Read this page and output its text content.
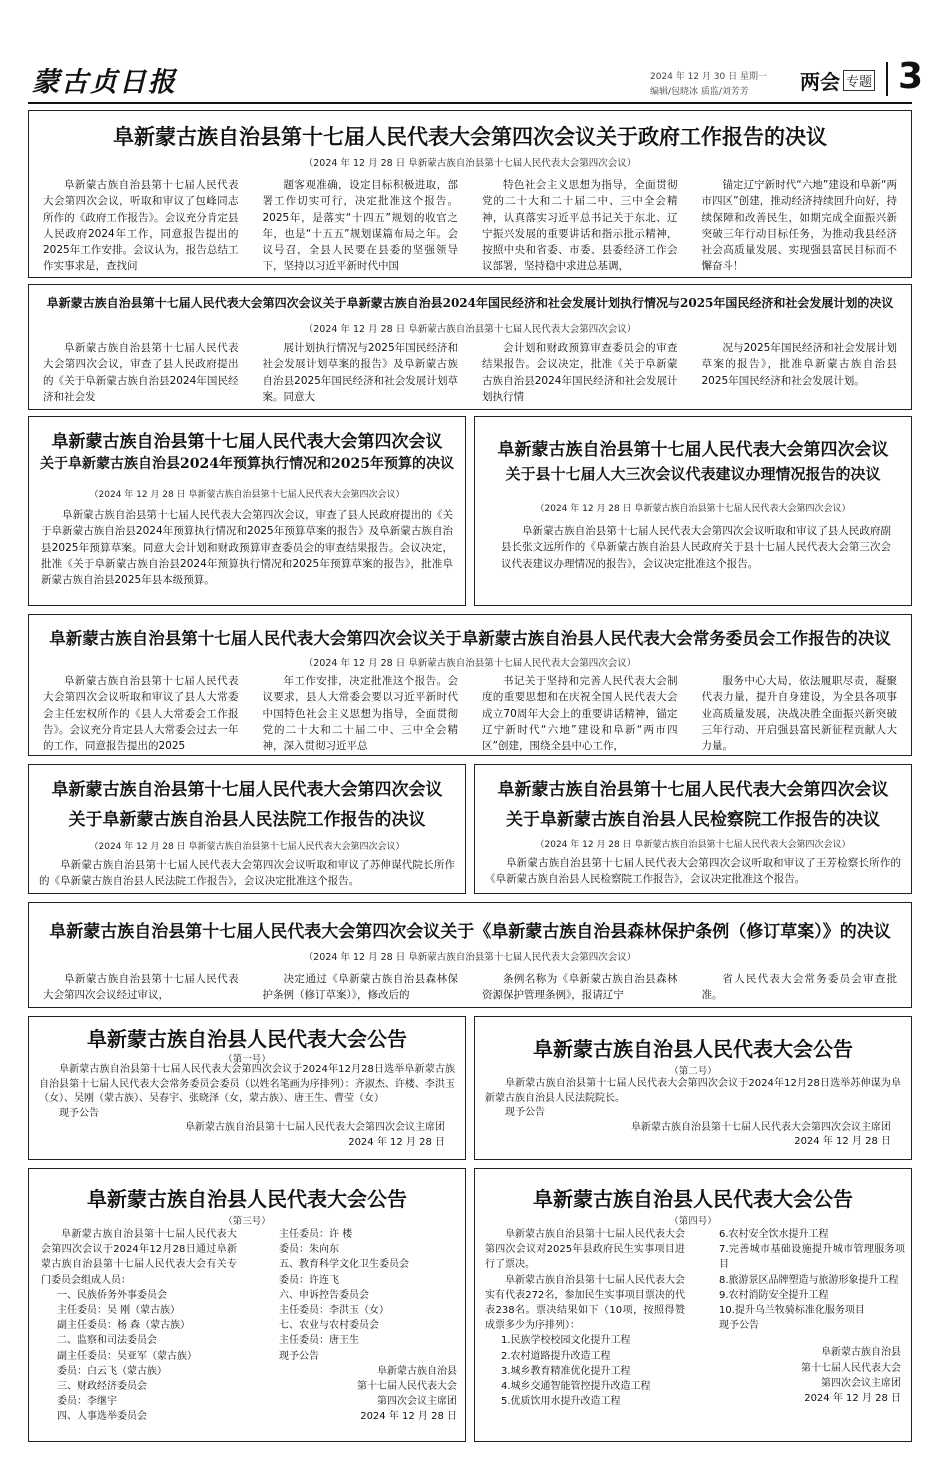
蒙古贞日报	2024 年 12 月 30 日 星期一
编辑/包晓冰 质监/刘芳芳	两会 专题 3
阜新蒙古族自治县第十七届人民代表大会第四次会议关于政府工作报告的决议
（2024 年 12 月 28 日 阜新蒙古族自治县第十七届人民代表大会第四次会议）

阜新蒙古族自治县第十七届人民代表大会第四次会议，听取和审议了包峰同志所作的《政府工作报告》。会议充分肯定县人民政府2024年工作，同意报告提出的2025年工作安排。会议认为，报告总结工作实事求是，查找问

题客观准确，设定目标积极进取，部署工作切实可行，决定批准这个报告。2025年，是落实“十四五”规划的收官之年，也是“十五五”规划谋篇布局之年。会议号召，全县人民要在县委的坚强领导下，坚持以习近平新时代中国

特色社会主义思想为指导，全面贯彻党的二十大和二十届二中、三中全会精神，认真落实习近平总书记关于东北、辽宁振兴发展的重要讲话和指示批示精神，按照中央和省委、市委、县委经济工作会议部署，坚持稳中求进总基调，

锚定辽宁新时代“六地”建设和阜新“两市四区”创建，推动经济持续回升向好，持续保障和改善民生，如期完成全面振兴新突破三年行动目标任务，为推动我县经济社会高质量发展、实现强县富民目标而不懈奋斗！

阜新蒙古族自治县第十七届人民代表大会第四次会议关于阜新蒙古族自治县2024年国民经济和社会发展计划执行情况与2025年国民经济和社会发展计划的决议
（2024 年 12 月 28 日 阜新蒙古族自治县第十七届人民代表大会第四次会议）

阜新蒙古族自治县第十七届人民代表大会第四次会议，审查了县人民政府提出的《关于阜新蒙古族自治县2024年国民经济和社会发

展计划执行情况与2025年国民经济和社会发展计划草案的报告》及阜新蒙古族自治县2025年国民经济和社会发展计划草案。同意大

会计划和财政预算审查委员会的审查结果报告。会议决定，批准《关于阜新蒙古族自治县2024年国民经济和社会发展计划执行情

况与2025年国民经济和社会发展计划草案的报告》，批准阜新蒙古族自治县2025年国民经济和社会发展计划。

阜新蒙古族自治县第十七届人民代表大会第四次会议
关于阜新蒙古族自治县2024年预算执行情况和2025年预算的决议
（2024 年 12 月 28 日 阜新蒙古族自治县第十七届人民代表大会第四次会议）
阜新蒙古族自治县第十七届人民代表大会第四次会议，审查了县人民政府提出的《关于阜新蒙古族自治县2024年预算执行情况和2025年预算草案的报告》及阜新蒙古族自治县2025年预算草案。同意大会计划和财政预算审查委员会的审查结果报告。会议决定，批准《关于阜新蒙古族自治县2024年预算执行情况和2025年预算草案的报告》，批准阜新蒙古族自治县2025年县本级预算。
阜新蒙古族自治县第十七届人民代表大会第四次会议
关于县十七届人大三次会议代表建议办理情况报告的决议
（2024 年 12 月 28 日 阜新蒙古族自治县第十七届人民代表大会第四次会议）
阜新蒙古族自治县第十七届人民代表大会第四次会议听取和审议了县人民政府副县长张文远所作的《阜新蒙古族自治县人民政府关于县十七届人民代表大会第三次会议代表建议办理情况的报告》，会议决定批准这个报告。
阜新蒙古族自治县第十七届人民代表大会第四次会议关于阜新蒙古族自治县人民代表大会常务委员会工作报告的决议
（2024 年 12 月 28 日 阜新蒙古族自治县第十七届人民代表大会第四次会议）

阜新蒙古族自治县第十七届人民代表大会第四次会议听取和审议了县人大常委会主任宏权所作的《县人大常委会工作报告》。会议充分肯定县人大常委会过去一年的工作，同意报告提出的2025

年工作安排，决定批准这个报告。会议要求，县人大常委会要以习近平新时代中国特色社会主义思想为指导，全面贯彻党的二十大和二十届二中、三中全会精神，深入贯彻习近平总

书记关于坚持和完善人民代表大会制度的重要思想和在庆祝全国人民代表大会成立70周年大会上的重要讲话精神，锚定辽宁新时代“六地”建设和阜新“两市四区”创建，围绕全县中心工作，

服务中心大局，依法履职尽责，凝聚代表力量，提升自身建设，为全县各项事业高质量发展，决战决胜全面振兴新突破三年行动、开启强县富民新征程贡献人大力量。

阜新蒙古族自治县第十七届人民代表大会第四次会议
关于阜新蒙古族自治县人民法院工作报告的决议
（2024 年 12 月 28 日 阜新蒙古族自治县第十七届人民代表大会第四次会议）
阜新蒙古族自治县第十七届人民代表大会第四次会议听取和审议了苏伸谋代院长所作的《阜新蒙古族自治县人民法院工作报告》，会议决定批准这个报告。
阜新蒙古族自治县第十七届人民代表大会第四次会议
关于阜新蒙古族自治县人民检察院工作报告的决议
（2024 年 12 月 28 日 阜新蒙古族自治县第十七届人民代表大会第四次会议）
阜新蒙古族自治县第十七届人民代表大会第四次会议听取和审议了王芳检察长所作的《阜新蒙古族自治县人民检察院工作报告》，会议决定批准这个报告。
阜新蒙古族自治县第十七届人民代表大会第四次会议关于《阜新蒙古族自治县森林保护条例（修订草案）》的决议
（2024 年 12 月 28 日 阜新蒙古族自治县第十七届人民代表大会第四次会议）

阜新蒙古族自治县第十七届人民代表大会第四次会议经过审议，

决定通过《阜新蒙古族自治县森林保护条例（修订草案）》，修改后的

条例名称为《阜新蒙古族自治县森林资源保护管理条例》，报请辽宁

省人民代表大会常务委员会审查批准。

阜新蒙古族自治县人民代表大会公告
（第一号）
阜新蒙古族自治县第十七届人民代表大会第四次会议于2024年12月28日选举阜新蒙古族自治县第十七届人民代表大会常务委员会委员（以姓名笔画为序排列）：齐淑杰、许楼、李洪玉（女）、吴刚（蒙古族）、吴春宇、张晓泽（女，蒙古族）、唐王生、曹莹（女）
现予公告
阜新蒙古族自治县第十七届人民代表大会第四次会议主席团
2024 年 12 月 28 日
阜新蒙古族自治县人民代表大会公告
（第二号）
阜新蒙古族自治县第十七届人民代表大会第四次会议于2024年12月28日选举苏伸谋为阜新蒙古族自治县人民法院院长。
现予公告
阜新蒙古族自治县第十七届人民代表大会第四次会议主席团
2024 年 12 月 28 日
阜新蒙古族自治县人民代表大会公告
（第三号）
阜新蒙古族自治县第十七届人民代表大会第四次会议于2024年12月28日通过阜新蒙古族自治县第十七届人民代表大会有关专门委员会组成人员：
一、民族侨务外事委员会
主任委员：吴 刚（蒙古族）
副主任委员：杨 森（蒙古族）
二、监察和司法委员会
副主任委员：吴亚军（蒙古族）
委员：白云飞（蒙古族）
三、财政经济委员会
委员：李继宇
四、人事选举委员会
主任委员：许 楼
委员：朱向东
五、教育科学文化卫生委员会
委员：许连飞
六、申诉控告委员会
主任委员：李洪玉（女）
七、农业与农村委员会
主任委员：唐王生
现予公告
阜新蒙古族自治县
第十七届人民代表大会
第四次会议主席团
2024 年 12 月 28 日
阜新蒙古族自治县人民代表大会公告
（第四号）
阜新蒙古族自治县第十七届人民代表大会第四次会议对2025年县政府民生实事项目进行了票决。
阜新蒙古族自治县第十七届人民代表大会实有代表272名，参加民生实事项目票决的代表238名。票决结果如下（10项，按照得赞成票多少为序排列）：
1.民族学校校园文化提升工程
2.农村道路提升改造工程
3.城乡教育精准优化提升工程
4.城乡交通智能管控提升改造工程
5.优质饮用水提升改造工程
6.农村安全饮水提升工程
7.完善城市基础设施提升城市管理服务项目
8.旅游景区品牌塑造与旅游形象提升工程
9.农村消防安全提升工程
10.提升乌兰牧骑标准化服务项目
现予公告
阜新蒙古族自治县
第十七届人民代表大会
第四次会议主席团
2024 年 12 月 28 日
